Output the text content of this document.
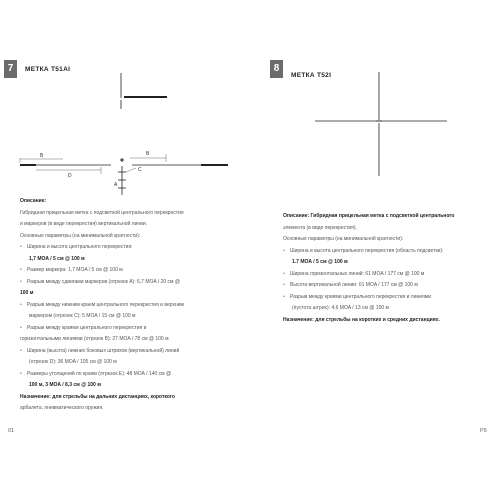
7	МЕТКА Т51AI
B
D
B
C
A
Описание:
Гибридная прицельная метка с подсветкой центрального перекрестия
и маркеров (в виде перекрестия) вертикальной линии.
Основные параметры (на минимальной кратности):
• Ширина и высота центрального перекрестия:
1,7 MOA / 5 см @ 100 м
• Размер маркера: 1,7 MOA / 5 см @ 100 м
• Разрыв между сдвигами маркеров (отрезок A): 6,7 MOA / 20 см @
100 м
• Разрыв между нижним краем центрального перекрестия и верхним
маркером (отрезок C): 5 MOA / 15 см @ 100 м
• Разрыв между краями центрального перекрестия и
горизонтальными линиями (отрезок B): 27 MOA / 78 см @ 100 м
• Ширина (высота) нижних боковых штрихов (вертикальной) линий
(отрезок D): 36 MOA / 105 см @ 100 м
• Размеры утолщений по краям (отрезок E): 48 MOA / 140 см @
100 м, 3 MOA / 8,3 см @ 100 м
Назначение: для стрельбы на дальних дистанциях, короткого
арбалета, пневматического оружия.
01
8
МЕТКА T52I
Описание: Гибридная прицельная метка с подсветкой центрального
элемента (в виде перекрестия).
Основные параметры (на минимальной кратности):
• Ширина и высота центрального перекрестия (область подсветки):
1.7 MOA / 5 см @ 100 м
• Ширина горизонтальных линий: 61 MOA / 177 см @ 100 м
• Высота вертикальной линии: 61 MOA / 177 см @ 100 м
• Разрыв между краями центрального перекрестия и линиями
(пустота штрих): 4,6 MOA / 13 см @ 100 м
Назначение: для стрельбы на коротких и средних дистанциях.
P9
